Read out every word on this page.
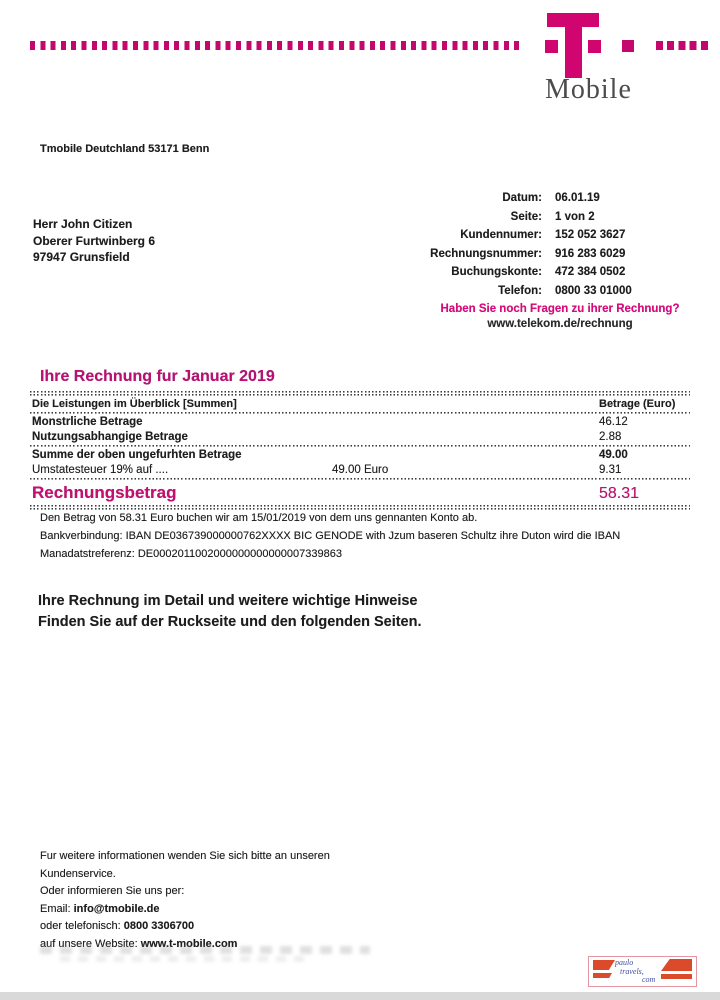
Mobile
Tmobile Deutchland 53171 Benn
Herr John Citizen
Oberer Furtwinberg 6
97947 Grunsfield
Datum: 06.01.19
Seite: 1 von 2
Kundennumer: 152 052 3627
Rechnungsnummer: 916 283 6029
Buchungskonte: 472 384 0502
Telefon: 0800 33 01000
Haben Sie noch Fragen zu ihrer Rechnung?
www.telekom.de/rechnung
Ihre Rechnung fur Januar 2019
Die Leistungen im Überblick [Summen]	Betrage (Euro)
Monstrliche Betrage	46.12
Nutzungsabhangige Betrage	2.88
Summe der oben ungefurhten Betrage	49.00
Umstatesteuer 19% auf ....	49.00 Euro	9.31
Rechnungsbetrag	58.31
Den Betrag von 58.31 Euro buchen wir am 15/01/2019 von dem uns gennanten Konto ab.
Bankverbindung: IBAN DE036739000000762XXXX BIC GENODE with Jzum baseren Schultz ihre Duton wird die IBAN
Manadatstreferenz: DE0002011002000000000000007339863
Ihre Rechnung im Detail und weitere wichtige Hinweise
Finden Sie auf der Ruckseite und den folgenden Seiten.
Fur weitere informationen wenden Sie sich bitte an unseren
Kundenservice.
Oder informieren Sie uns per:
Email: info@tmobile.de
oder telefonisch: 0800 3306700
auf unsere Website: www.t-mobile.com
paulo
travels,
com
